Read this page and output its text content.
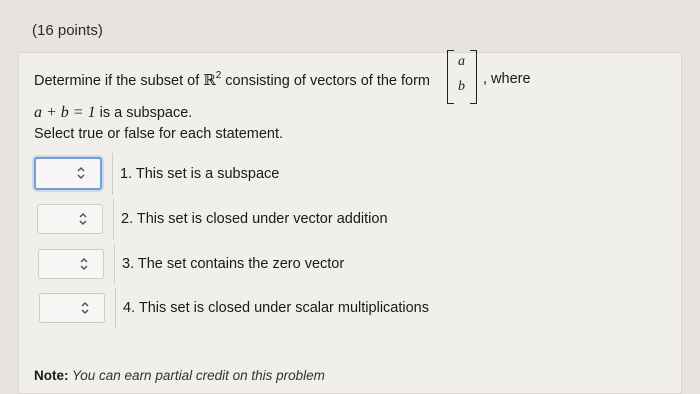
(16 points)
Determine if the subset of ℝ$^2$ consisting of vectors of the form
a
b , where
a + b = 1 is a subspace.
Select true or false for each statement.
1. This set is a subspace
2. This set is closed under vector addition
3. The set contains the zero vector
4. This set is closed under scalar multiplications
Note: You can earn partial credit on this problem
